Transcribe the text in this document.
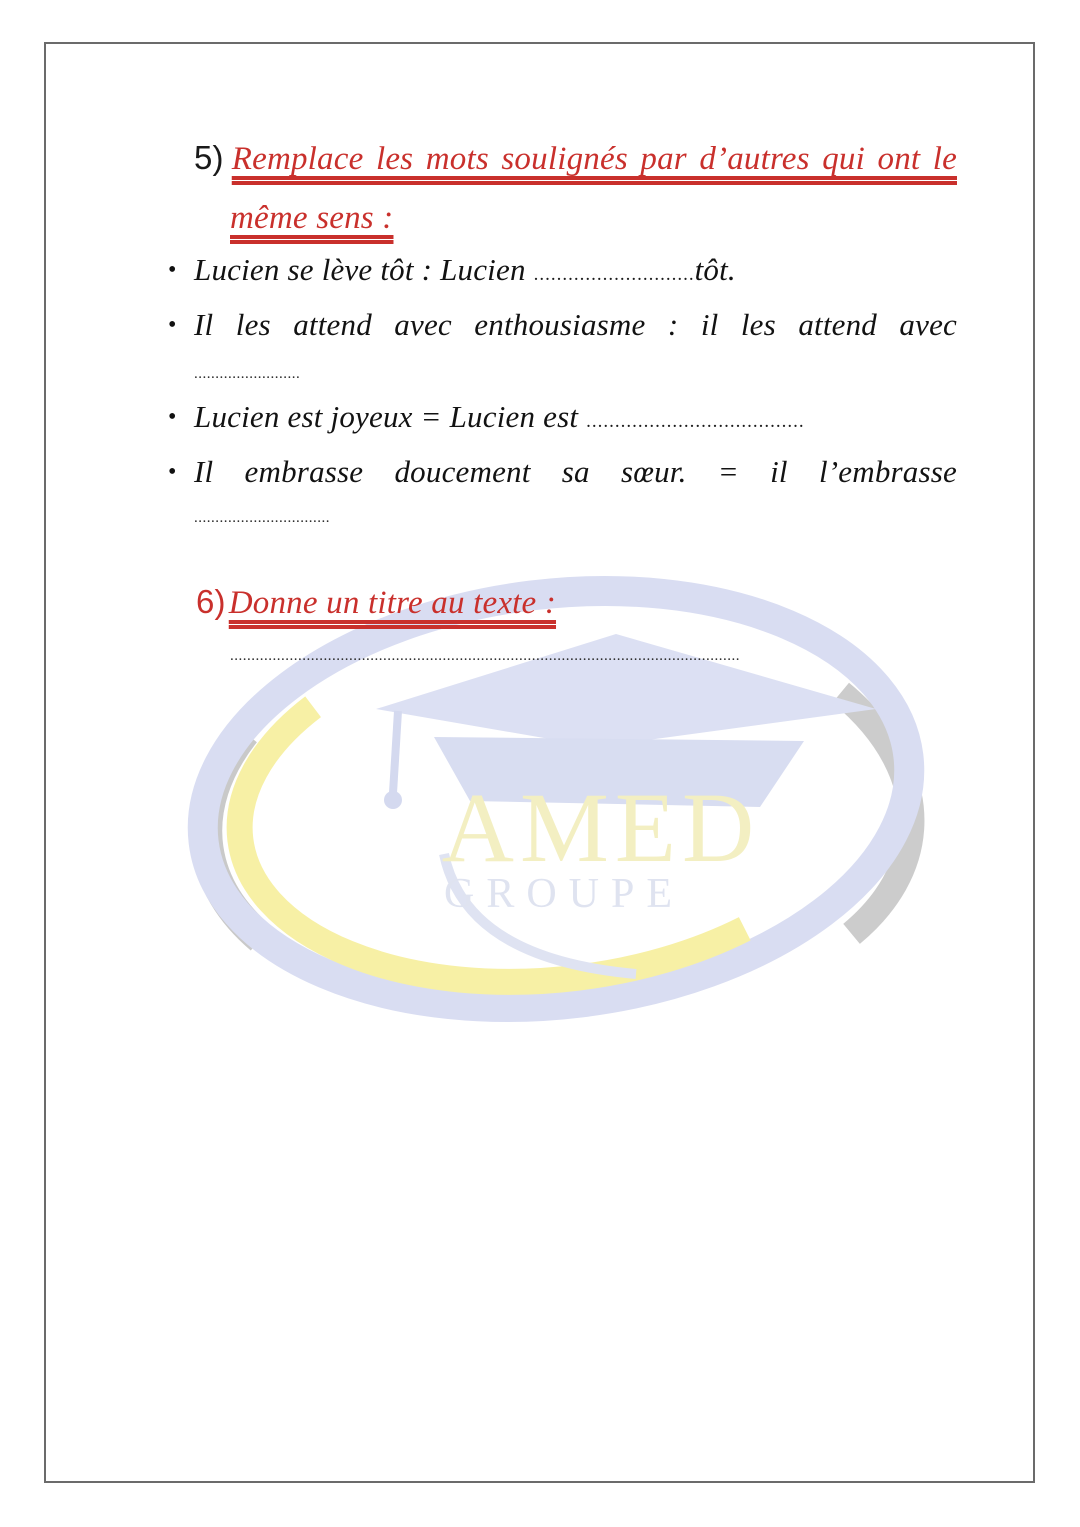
AMED
GROUPE
5) Remplace les mots soulignés par d’autres qui ont le
même sens :
•
•
•
•
Lucien se lève tôt : Lucien ............................tôt.
Il les attend avec enthousiasme : il les attend avec
.........................
Lucien est joyeux = Lucien est ......................................
Il embrasse doucement sa sœur. = il l’embrasse
................................
6)Donne un titre au texte :
........................................................................................................................
